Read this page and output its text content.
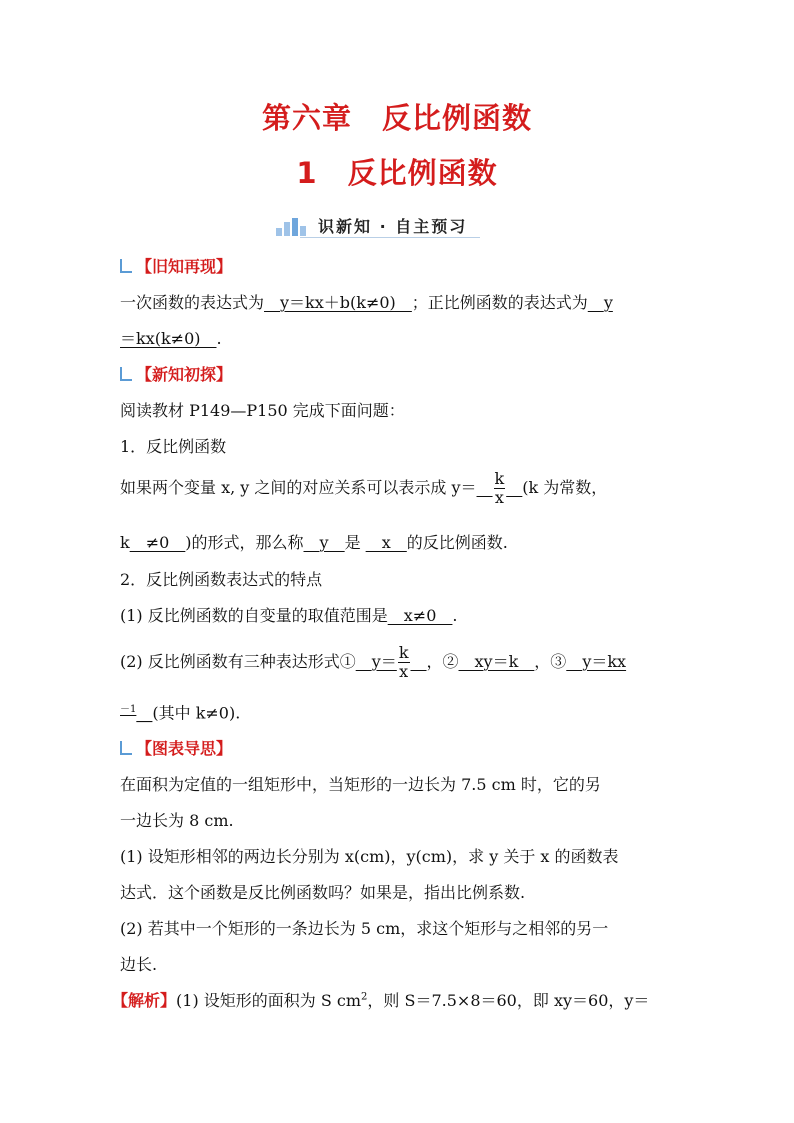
第六章　反比例函数
1　反比例函数
识新知 · 自主预习
【旧知再现】
一次函数的表达式为__y＝kx＋b(k≠0)__；正比例函数的表达式为__y
＝kx(k≠0)__.
【新知初探】
阅读教材 P149—P150 完成下面问题：
1．反比例函数
如果两个变量 x, y 之间的对应关系可以表示成 y＝__ $\frac{k}{x}$ __(k 为常数，
k__≠0__)的形式，那么称__y__是 __x__的反比例函数.
2．反比例函数表达式的特点
(1) 反比例函数的自变量的取值范围是__x≠0__.
(2) 反比例函数有三种表达形式①__y＝ $\frac{k}{x}$ __，②__xy＝k__，③__y＝kx
$^{-1}$__(其中 k≠0).
【图表导思】
在面积为定值的一组矩形中，当矩形的一边长为 7.5 cm 时，它的另
一边长为 8 cm.
(1) 设矩形相邻的两边长分别为 x(cm)，y(cm)，求 y 关于 x 的函数表
达式．这个函数是反比例函数吗？如果是，指出比例系数.
(2) 若其中一个矩形的一条边长为 5 cm，求这个矩形与之相邻的另一
边长.
【解析】(1) 设矩形的面积为 S $cm^2$，则 S＝7.5×8＝60，即 xy＝60，y＝
